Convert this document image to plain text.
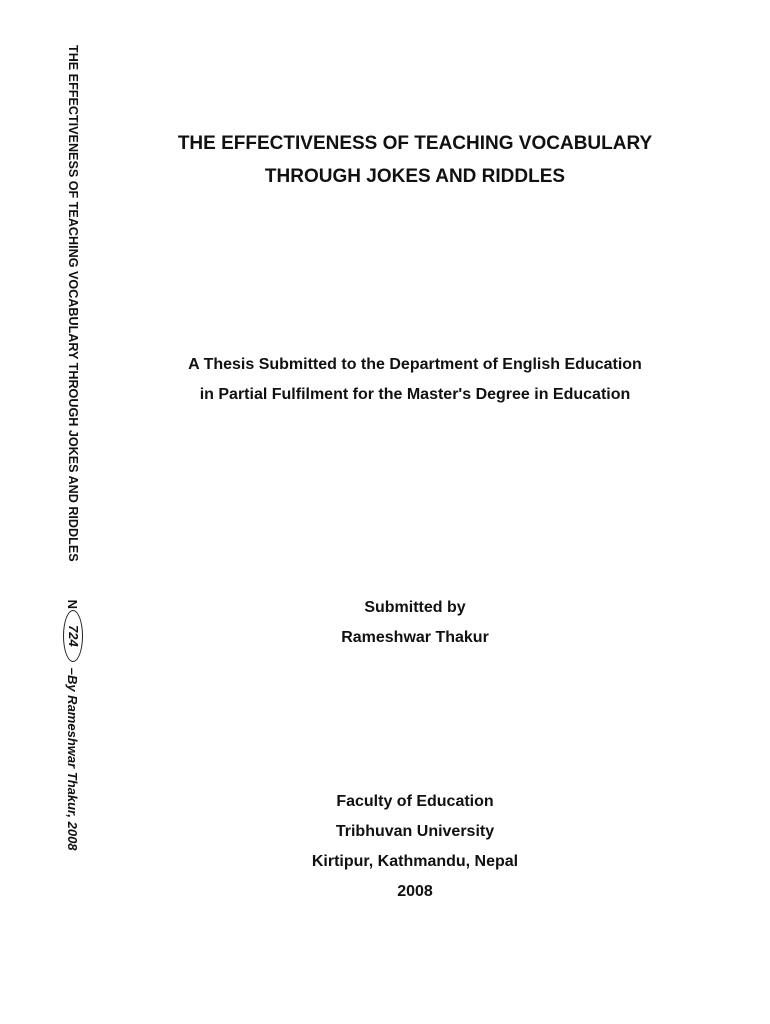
THE EFFECTIVENESS OF TEACHING VOCABULARY THROUGH JOKES AND RIDDLES
N
724
–By Rameshwar Thakur, 2008
THE EFFECTIVENESS OF TEACHING VOCABULARY
THROUGH JOKES AND RIDDLES
A Thesis Submitted to the Department of English Education
in Partial Fulfilment for the Master's Degree in Education
Submitted by
Rameshwar Thakur
Faculty of Education
Tribhuvan University
Kirtipur, Kathmandu, Nepal
2008
